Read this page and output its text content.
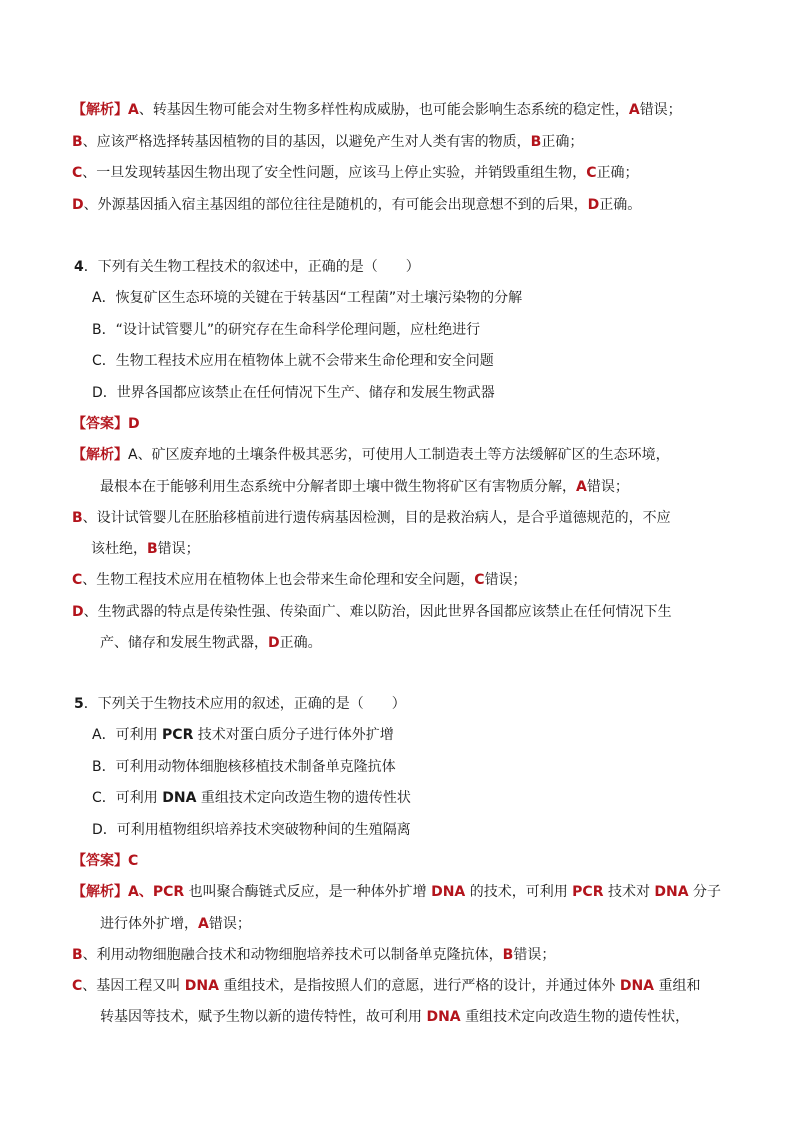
【解析】A、转基因生物可能会对生物多样性构成威胁，也可能会影响生态系统的稳定性，A错误；
B、应该严格选择转基因植物的目的基因，以避免产生对人类有害的物质，B正确；
C、一旦发现转基因生物出现了安全性问题，应该马上停止实验，并销毁重组生物，C正确；
D、外源基因插入宿主基因组的部位往往是随机的，有可能会出现意想不到的后果，D正确。
4．下列有关生物工程技术的叙述中，正确的是（　　）
A．恢复矿区生态环境的关键在于转基因“工程菌”对土壤污染物的分解
B．“设计试管婴儿”的研究存在生命科学伦理问题，应杜绝进行
C．生物工程技术应用在植物体上就不会带来生命伦理和安全问题
D．世界各国都应该禁止在任何情况下生产、储存和发展生物武器
【答案】D
【解析】A、矿区废弃地的土壤条件极其恶劣，可使用人工制造表土等方法缓解矿区的生态环境，
最根本在于能够利用生态系统中分解者即土壤中微生物将矿区有害物质分解，A错误；
B、设计试管婴儿在胚胎移植前进行遗传病基因检测，目的是救治病人，是合乎道德规范的，不应
该杜绝，B错误；
C、生物工程技术应用在植物体上也会带来生命伦理和安全问题，C错误；
D、生物武器的特点是传染性强、传染面广、难以防治，因此世界各国都应该禁止在任何情况下生
产、储存和发展生物武器，D正确。
5．下列关于生物技术应用的叙述，正确的是（　　）
A．可利用 PCR 技术对蛋白质分子进行体外扩增
B．可利用动物体细胞核移植技术制备单克隆抗体
C．可利用 DNA 重组技术定向改造生物的遗传性状
D．可利用植物组织培养技术突破物种间的生殖隔离
【答案】C
【解析】A、PCR 也叫聚合酶链式反应，是一种体外扩增 DNA 的技术，可利用 PCR 技术对 DNA 分子
进行体外扩增，A错误；
B、利用动物细胞融合技术和动物细胞培养技术可以制备单克隆抗体，B错误；
C、基因工程又叫 DNA 重组技术，是指按照人们的意愿，进行严格的设计，并通过体外 DNA 重组和
转基因等技术，赋予生物以新的遗传特性，故可利用 DNA 重组技术定向改造生物的遗传性状，
